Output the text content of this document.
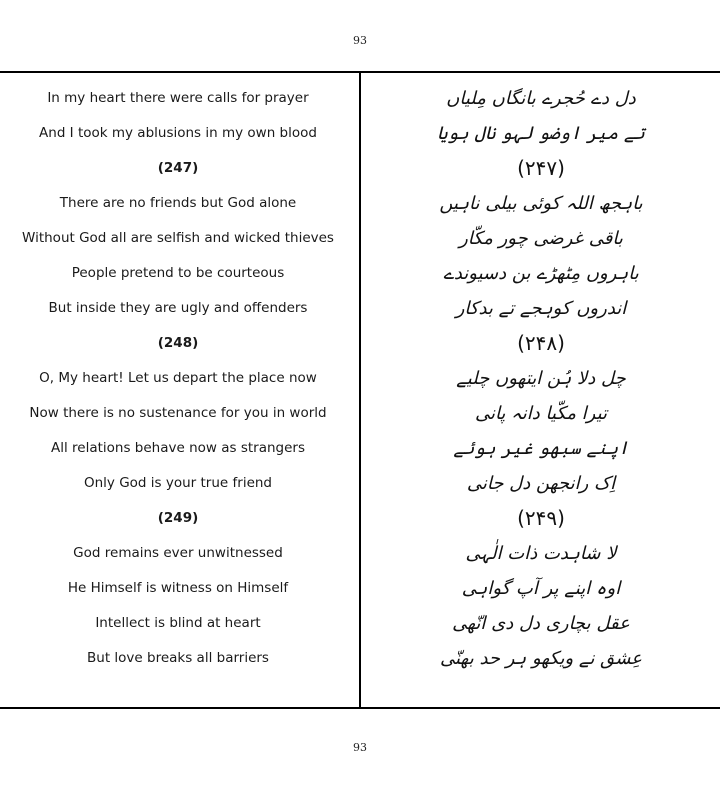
93
In my heart there were calls for prayer
And I took my ablusions in my own blood
(247)
There are no friends but God alone
Without God all are selfish and wicked thieves
People pretend to be courteous
But inside they are ugly and offenders
(248)
O, My heart! Let us depart the place now
Now there is no sustenance for you in world
All relations behave now as strangers
Only God is your true friend
(249)
God remains ever unwitnessed
He Himself is witness on Himself
Intellect is blind at heart
But love breaks all barriers
دل دے حُجرے بانگاں مِلیاں
تے میر اوضو لہو نال ہویا
(۲۴۷)
باہجھ اللہ کوئی بیلی ناہیں
باقی غرضی چور مکّار
باہروں مِٹھڑے بن دسیوندے
اندروں کوہجے تے بدکار
(۲۴۸)
چل دلا ہُن ایتھوں چلیے
تیرا مکّیا دانہ پانی
اپنے سبھو غیر ہوئے
اِک رانجھن دل جانی
(۲۴۹)
لا شاہدت ذات الٰہی
اوہ اپنے پر آپ گواہی
عقل بچاری دل دی انّھی
عِشق نے ویکھو ہر حد بھنّی
93
